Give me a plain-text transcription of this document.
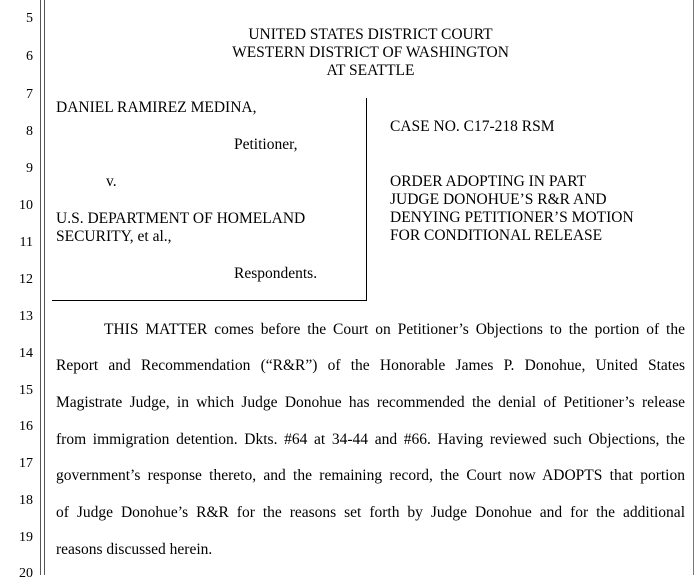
5
6
7
8
9
10
11
12
13
14
15
16
17
18
19
20
UNITED STATES DISTRICT COURT
WESTERN DISTRICT OF WASHINGTON
AT SEATTLE
DANIEL RAMIREZ MEDINA,
Petitioner,
v.
U.S. DEPARTMENT OF HOMELAND
SECURITY, et al.,
Respondents.
CASE NO. C17-218 RSM
ORDER ADOPTING IN PART
JUDGE DONOHUE’S R&R AND
DENYING PETITIONER’S MOTION
FOR CONDITIONAL RELEASE
THIS MATTER comes before the Court on Petitioner’s Objections to the portion of the
Report and Recommendation (“R&R”) of the Honorable James P. Donohue, United States
Magistrate Judge, in which Judge Donohue has recommended the denial of Petitioner’s release
from immigration detention. Dkts. #64 at 34-44 and #66. Having reviewed such Objections, the
government’s response thereto, and the remaining record, the Court now ADOPTS that portion
of Judge Donohue’s R&R for the reasons set forth by Judge Donohue and for the additional
reasons discussed herein.
